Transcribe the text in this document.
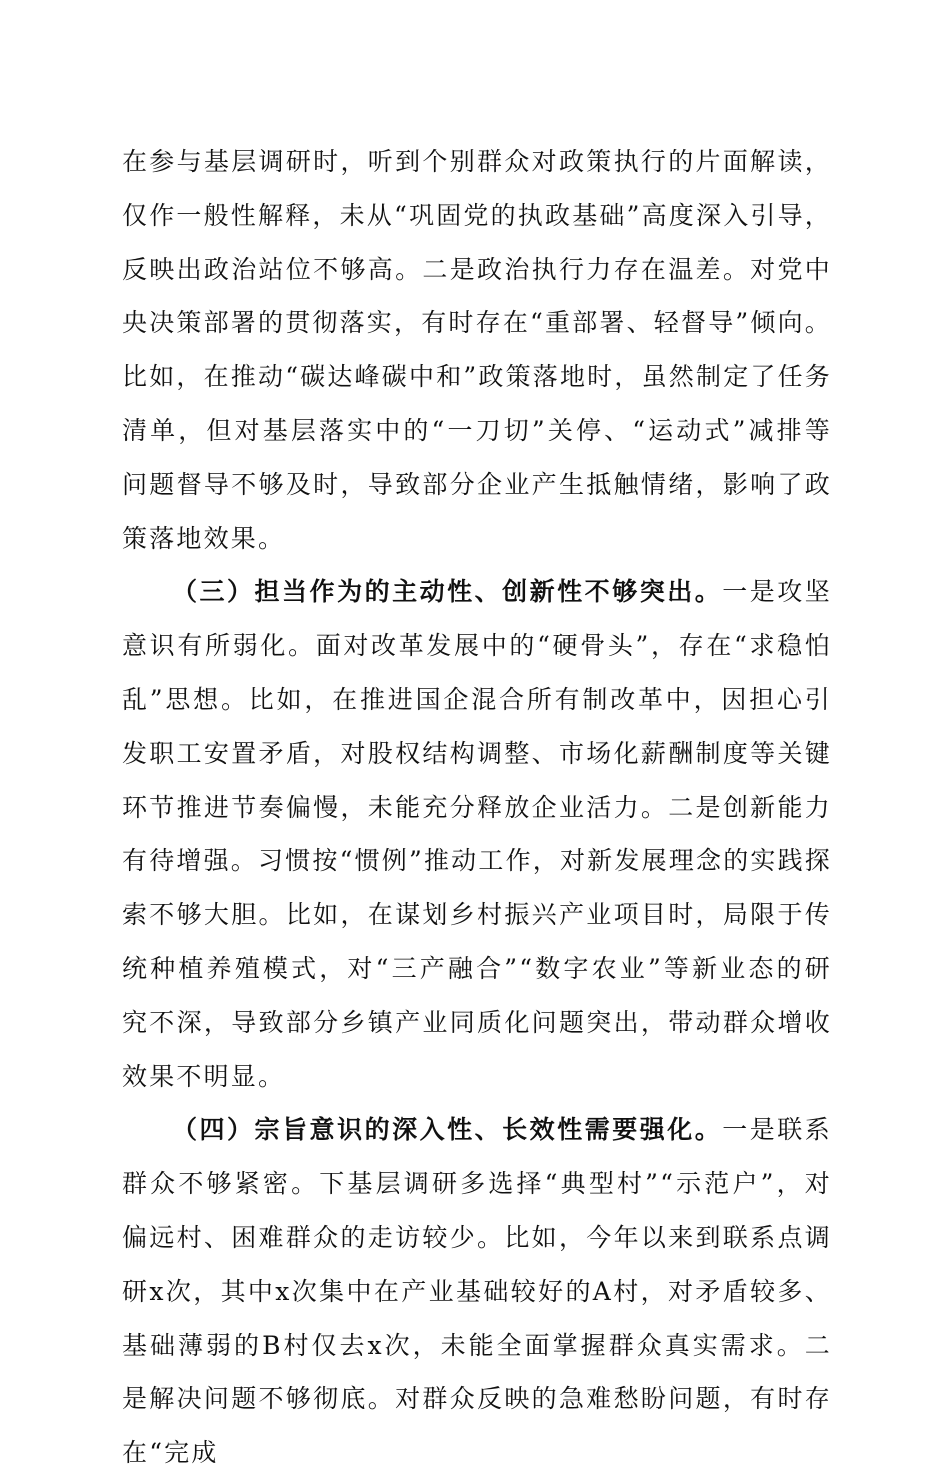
在参与基层调研时，听到个别群众对政策执行的片面解读，仅作一般性解释，未从“巩固党的执政基础”高度深入引导，反映出政治站位不够高。二是政治执行力存在温差。对党中央决策部署的贯彻落实，有时存在“重部署、轻督导”倾向。比如，在推动“碳达峰碳中和”政策落地时，虽然制定了任务清单，但对基层落实中的“一刀切”关停、“运动式”减排等问题督导不够及时，导致部分企业产生抵触情绪，影响了政策落地效果。

（三）担当作为的主动性、创新性不够突出。一是攻坚意识有所弱化。面对改革发展中的“硬骨头”，存在“求稳怕乱”思想。比如，在推进国企混合所有制改革中，因担心引发职工安置矛盾，对股权结构调整、市场化薪酬制度等关键环节推进节奏偏慢，未能充分释放企业活力。二是创新能力有待增强。习惯按“惯例”推动工作，对新发展理念的实践探索不够大胆。比如，在谋划乡村振兴产业项目时，局限于传统种植养殖模式，对“三产融合”“数字农业”等新业态的研究不深，导致部分乡镇产业同质化问题突出，带动群众增收效果不明显。

（四）宗旨意识的深入性、长效性需要强化。一是联系群众不够紧密。下基层调研多选择“典型村”“示范户”，对偏远村、困难群众的走访较少。比如，今年以来到联系点调研x次，其中x次集中在产业基础较好的A村，对矛盾较多、基础薄弱的B村仅去x次，未能全面掌握群众真实需求。二是解决问题不够彻底。对群众反映的急难愁盼问题，有时存在“完成
